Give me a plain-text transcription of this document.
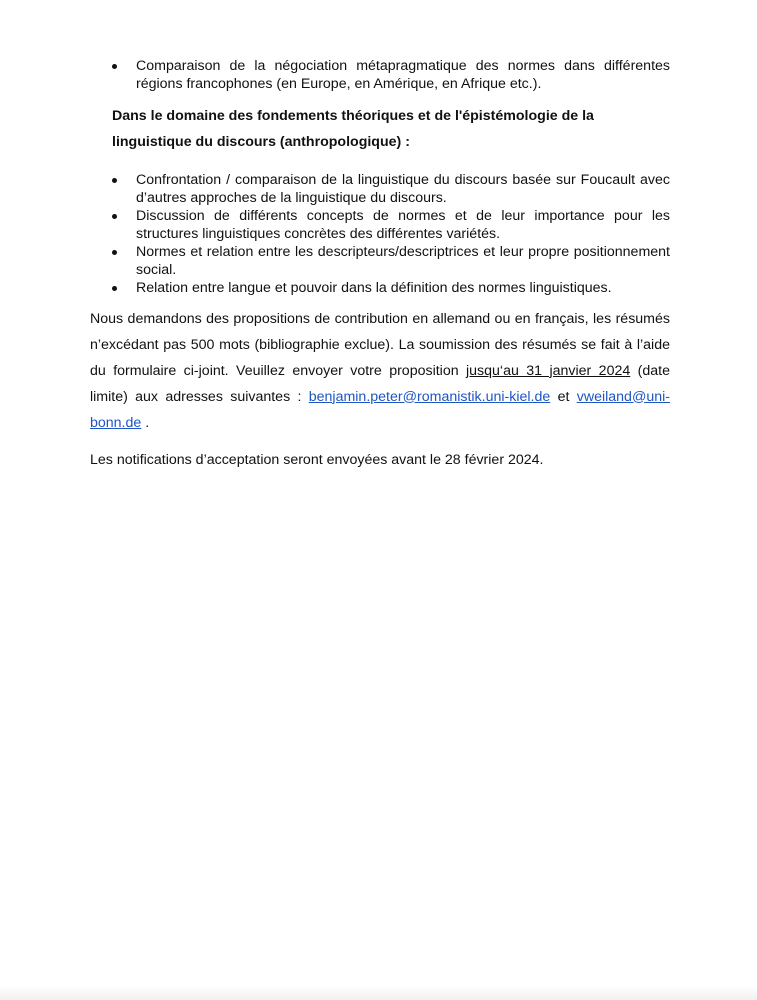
Comparaison de la négociation métapragmatique des normes dans différentes régions francophones (en Europe, en Amérique, en Afrique etc.).
Dans le domaine des fondements théoriques et de l'épistémologie de la linguistique du discours (anthropologique) :
Confrontation / comparaison de la linguistique du discours basée sur Foucault avec d’autres approches de la linguistique du discours.
Discussion de différents concepts de normes et de leur importance pour les structures linguistiques concrètes des différentes variétés.
Normes et relation entre les descripteurs/descriptrices et leur propre positionnement social.
Relation entre langue et pouvoir dans la définition des normes linguistiques.

Nous demandons des propositions de contribution en allemand ou en français, les résumés n’excédant pas 500 mots (bibliographie exclue). La soumission des résumés se fait à l’aide du formulaire ci-joint. Veuillez envoyer votre proposition jusqu‘au 31 janvier 2024 (date limite) aux adresses suivantes : benjamin.peter@romanistik.uni-kiel.de et vweiland@uni-bonn.de .

Les notifications d’acceptation seront envoyées avant le 28 février 2024.
